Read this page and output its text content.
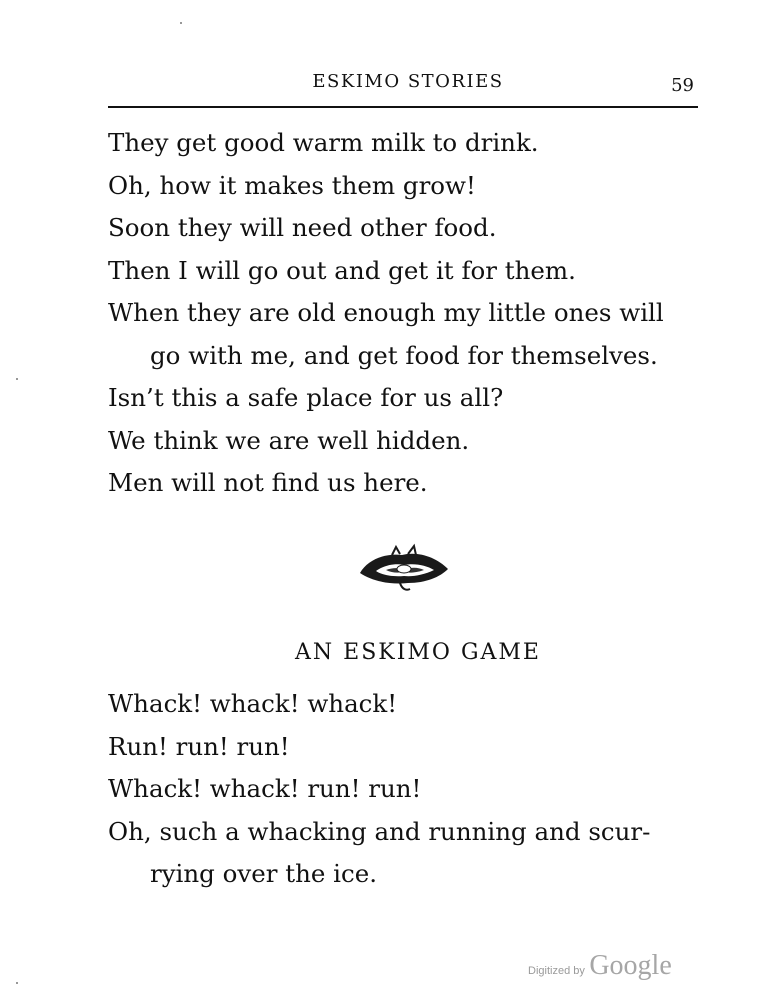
ESKIMO STORIES	59
They get good warm milk to drink.
Oh, how it makes them grow!
Soon they will need other food.
Then I will go out and get it for them.
When they are old enough my little ones will
go with me, and get food for themselves.
Isn’t this a safe place for us all?
We think we are well hidden.
Men will not find us here.
AN ESKIMO GAME
Whack! whack! whack!
Run! run! run!
Whack! whack! run! run!
Oh, such a whacking and running and scur-
rying over the ice.
Digitized by Google
